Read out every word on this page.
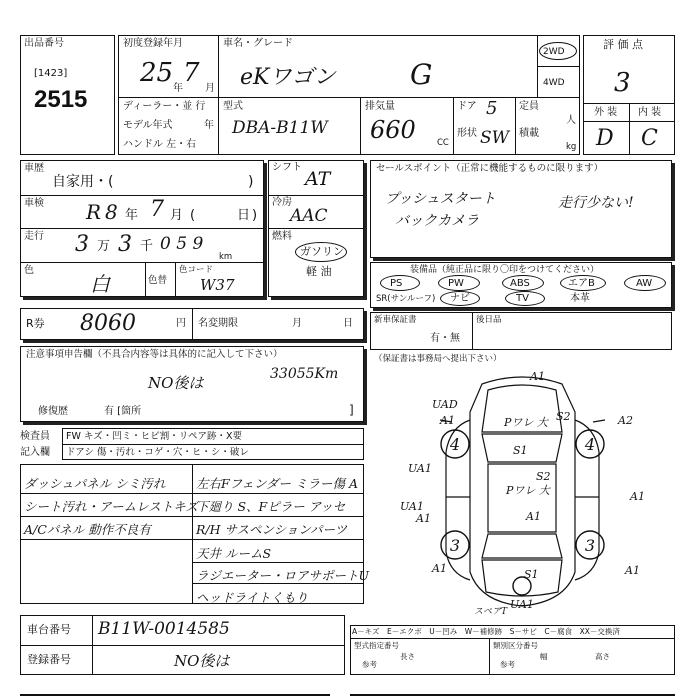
出品番号
[1423]
2515
初度登録年月
25
年
7
月
車名・グレード
eKワゴン	G
2WD
4WD
評 価 点
3
外 装 内 装
D C
ディーラー・並 行
モデル年式	年
ハンドル 左・右
型式
DBA-B11W
排気量
660 CC
ドア 5
形状 SW
定員
人
積載
kg
車歴
自家用・(	)
車検 R 8 年 7 月 (	日 )
走行 3 万 3 千 0 5 9
km
色
白	色替
色コード
W37
シフト
AT
冷房
AAC
燃料
ガソリン
軽 油
セールスポイント（正常に機能するものに限ります）
プッシュスタート
バックカメラ
走行少ない!
装備品（純正品に限り〇印をつけてください）
PS	PW	ABS	エアB	AW
SR(サンルーフ) ナビ	TV	本革
R券 8060	円 名変期限	月	日 新車保証書
有・無
後日品
（保証書は事務局へ提出下さい）
注意事項申告欄（不具合内容等は具体的に記入して下さい）
NO後は	33055Km
修復歴	有 [箇所	]
検査員
記入欄
FW キズ・凹ミ・ヒビ割・リペア跡・X要
ドアシ 傷・汚れ・コゲ・穴・ヒ・シ・破レ
ダッシュパネル シミ汚れ
シート汚れ・アームレストキズ
A/Cパネル 動作不良有
左右Fフェンダー ミラー傷 A
下廻り S、Fピラー アッセ
R/H サスペンションパーツ
天井 ルームS
ラジエーター・ロアサポートU
ヘッドライトくもり
4	4
3	3
A1
UAD
A1	S2	A2
Pワレ 大
S1
S2
Pワレ 大	A1
UA1
A1	A1
A1
S1
A1
UA1
UA1
スペアT
車台番号 B11W-0014585
登録番号	NO後は
A－キズ　E－エクボ　U－凹み　W－補修跡　S－サビ　C－腐食　XX－交換済
型式指定番号
参考
類別区分番号
参考
長さ	幅	高さ
